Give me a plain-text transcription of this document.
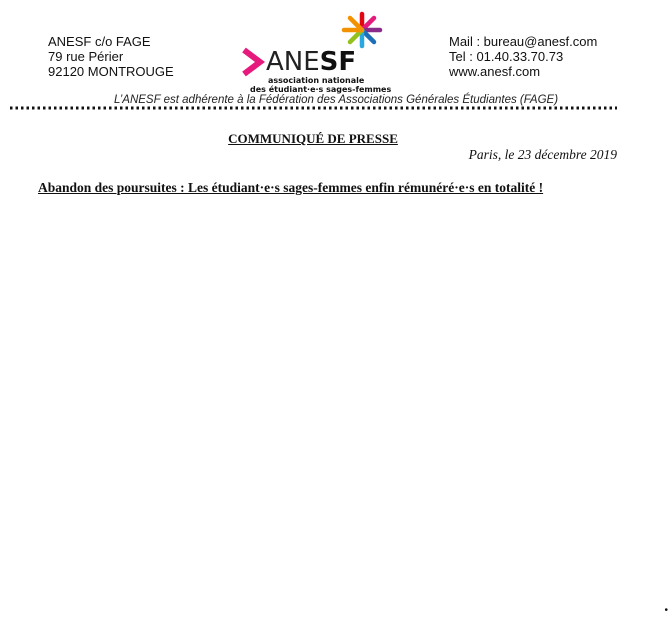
ANESF c/o FAGE
79 rue Périer
92120 MONTROUGE	ANESF
association nationale
des étudiant·e·s sages-femmes
Mail : bureau@anesf.com
Tel : 01.40.33.70.73
www.anesf.com
L’ANESF est adhérente à la Fédération des Associations Générales Étudiantes (FAGE)
COMMUNIQUÉ DE PRESSE
Paris, le 23 décembre 2019
Abandon des poursuites : Les étudiant·e·s sages-femmes enfin rémunéré·e·s en totalité !
•
